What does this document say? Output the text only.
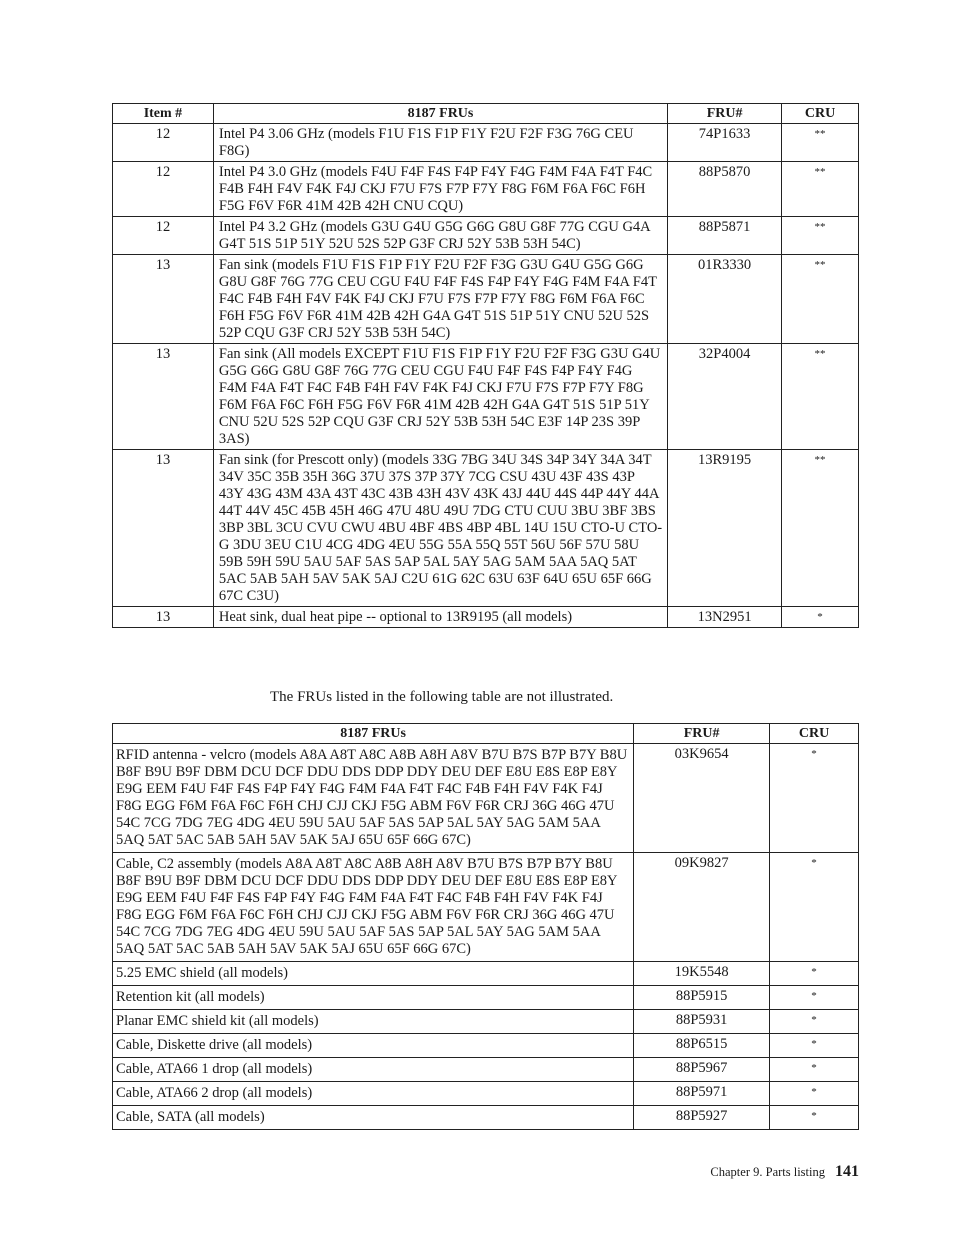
Item #	8187 FRUs	FRU#	CRU
12	Intel P4 3.06 GHz (models F1U F1S F1P F1Y F2U F2F F3G 76G CEU F8G)	74P1633	**
12	Intel P4 3.0 GHz (models F4U F4F F4S F4P F4Y F4G F4M F4A F4T F4C F4B F4H F4V F4K F4J CKJ F7U F7S F7P F7Y F8G F6M F6A F6C F6H F5G F6V F6R 41M 42B 42H CNU CQU)	88P5870	**
12	Intel P4 3.2 GHz (models G3U G4U G5G G6G G8U G8F 77G CGU G4A G4T 51S 51P 51Y 52U 52S 52P G3F CRJ 52Y 53B 53H 54C)	88P5871	**
13	Fan sink (models F1U F1S F1P F1Y F2U F2F F3G G3U G4U G5G G6G G8U G8F 76G 77G CEU CGU F4U F4F F4S F4P F4Y F4G F4M F4A F4T F4C F4B F4H F4V F4K F4J CKJ F7U F7S F7P F7Y F8G F6M F6A F6C F6H F5G F6V F6R 41M 42B 42H G4A G4T 51S 51P 51Y CNU 52U 52S 52P CQU G3F CRJ 52Y 53B 53H 54C)	01R3330	**
13	Fan sink (All models EXCEPT F1U F1S F1P F1Y F2U F2F F3G G3U G4U G5G G6G G8U G8F 76G 77G CEU CGU F4U F4F F4S F4P F4Y F4G F4M F4A F4T F4C F4B F4H F4V F4K F4J CKJ F7U F7S F7P F7Y F8G F6M F6A F6C F6H F5G F6V F6R 41M 42B 42H G4A G4T 51S 51P 51Y CNU 52U 52S 52P CQU G3F CRJ 52Y 53B 53H 54C E3F 14P 23S 39P 3AS)	32P4004	**
13	Fan sink (for Prescott only) (models 33G 7BG 34U 34S 34P 34Y 34A 34T 34V 35C 35B 35H 36G 37U 37S 37P 37Y 7CG CSU 43U 43F 43S 43P 43Y 43G 43M 43A 43T 43C 43B 43H 43V 43K 43J 44U 44S 44P 44Y 44A 44T 44V 45C 45B 45H 46G 47U 48U 49U 7DG CTU CUU 3BU 3BF 3BS 3BP 3BL 3CU CVU CWU 4BU 4BF 4BS 4BP 4BL 14U 15U CTO-U CTO-G 3DU 3EU C1U 4CG 4DG 4EU 55G 55A 55Q 55T 56U 56F 57U 58U 59B 59H 59U 5AU 5AF 5AS 5AP 5AL 5AY 5AG 5AM 5AA 5AQ 5AT 5AC 5AB 5AH 5AV 5AK 5AJ C2U 61G 62C 63U 63F 64U 65U 65F 66G 67C C3U)	13R9195	**
13	Heat sink, dual heat pipe -- optional to 13R9195 (all models)	13N2951	*
The FRUs listed in the following table are not illustrated.
8187 FRUs	FRU#	CRU
RFID antenna - velcro (models A8A A8T A8C A8B A8H A8V B7U B7S B7P B7Y B8U B8F B9U B9F DBM DCU DCF DDU DDS DDP DDY DEU DEF E8U E8S E8P E8Y E9G EEM F4U F4F F4S F4P F4Y F4G F4M F4A F4T F4C F4B F4H F4V F4K F4J F8G EGG F6M F6A F6C F6H CHJ CJJ CKJ F5G ABM F6V F6R CRJ 36G 46G 47U 54C 7CG 7DG 7EG 4DG 4EU 59U 5AU 5AF 5AS 5AP 5AL 5AY 5AG 5AM 5AA 5AQ 5AT 5AC 5AB 5AH 5AV 5AK 5AJ 65U 65F 66G 67C)	03K9654	*
Cable, C2 assembly (models A8A A8T A8C A8B A8H A8V B7U B7S B7P B7Y B8U B8F B9U B9F DBM DCU DCF DDU DDS DDP DDY DEU DEF E8U E8S E8P E8Y E9G EEM F4U F4F F4S F4P F4Y F4G F4M F4A F4T F4C F4B F4H F4V F4K F4J F8G EGG F6M F6A F6C F6H CHJ CJJ CKJ F5G ABM F6V F6R CRJ 36G 46G 47U 54C 7CG 7DG 7EG 4DG 4EU 59U 5AU 5AF 5AS 5AP 5AL 5AY 5AG 5AM 5AA 5AQ 5AT 5AC 5AB 5AH 5AV 5AK 5AJ 65U 65F 66G 67C)	09K9827	*
5.25 EMC shield (all models)	19K5548	*
Retention kit (all models)	88P5915	*
Planar EMC shield kit (all models)	88P5931	*
Cable, Diskette drive (all models)	88P6515	*
Cable, ATA66 1 drop (all models)	88P5967	*
Cable, ATA66 2 drop (all models)	88P5971	*
Cable, SATA (all models)	88P5927	*
Chapter 9. Parts listing 141
